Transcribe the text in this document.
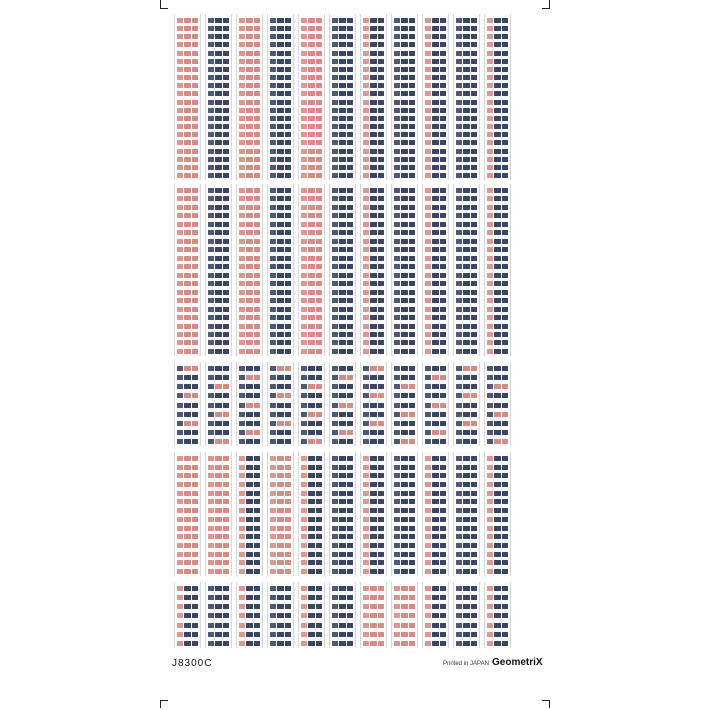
J8300C	Printed in JAPAN GeometriX
